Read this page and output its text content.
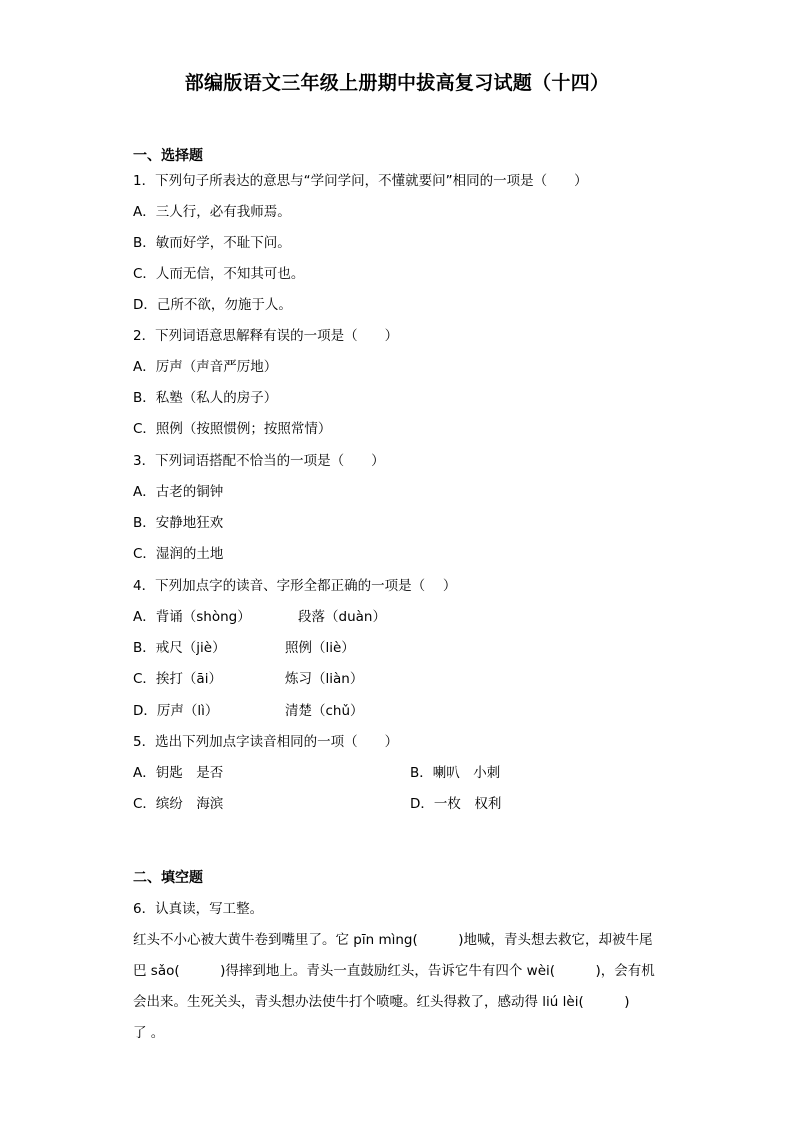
部编版语文三年级上册期中拔高复习试题（十四）
一、选择题
1．下列句子所表达的意思与“学问学问，不懂就要问”相同的一项是（　　）
A．三人行，必有我师焉。
B．敏而好学，不耻下问。
C．人而无信，不知其可也。
D．己所不欲，勿施于人。
2．下列词语意思解释有误的一项是（　　）
A．厉声（声音严厉地）
B．私塾（私人的房子）
C．照例（按照惯例；按照常情）
3．下列词语搭配不恰当的一项是（　　）
A．古老的铜钟
B．安静地狂欢
C．湿润的土地
4．下列加点字的读音、字形全都正确的一项是（　 ）
A．背诵（shòng）	段落（duàn）
B．戒尺（jiè）	照例（liè）
C．挨打（āi）	炼习（liàn）
D．厉声（lì）	清楚（chǔ）
5．选出下列加点字读音相同的一项（　　）
A．钥匙　是否	B．喇叭　小刺
C．缤纷　海滨	D．一枚　权利
二、填空题
6．认真读，写工整。
红头不小心被大黄牛卷到嘴里了。它 pīn mìng(　　　)地喊，青头想去救它，却被牛尾
巴 sǎo(　　　)得摔到地上。青头一直鼓励红头，告诉它牛有四个 wèi(　　　)，会有机
会出来。生死关头，青头想办法使牛打个喷嚏。红头得救了，感动得 liú lèi(　　　)
了 。
